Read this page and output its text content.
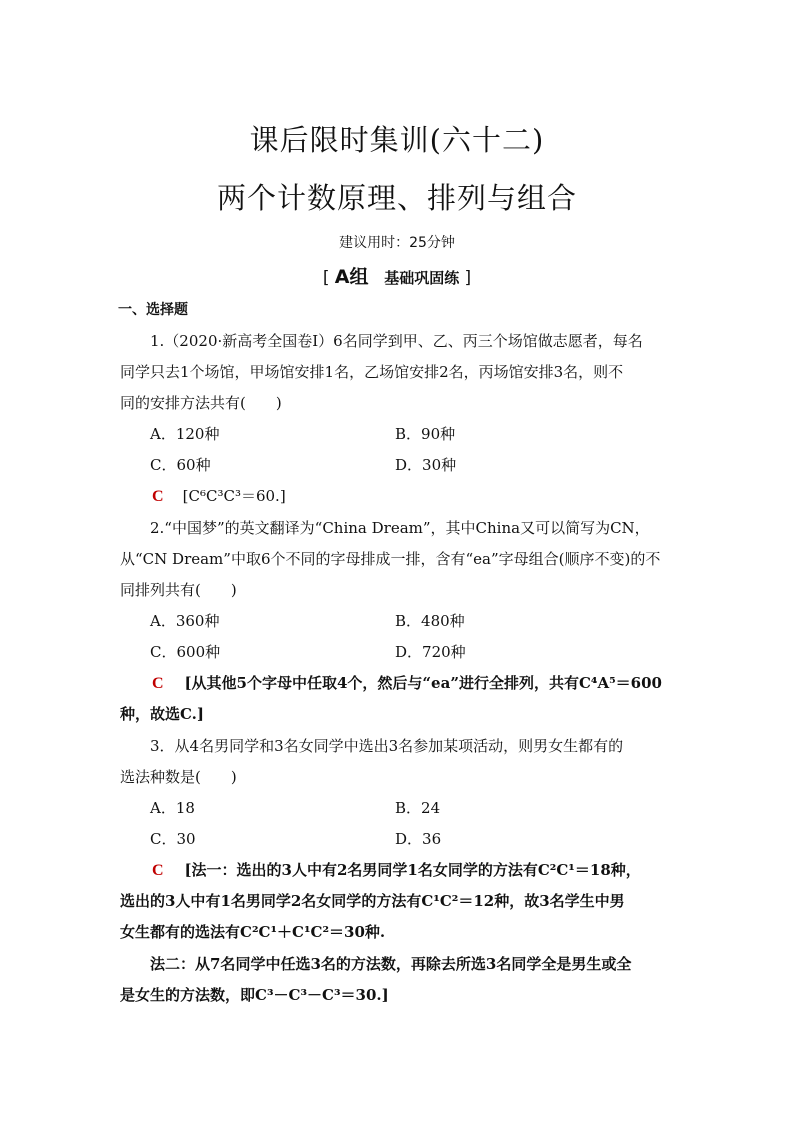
课后限时集训(六十二)
两个计数原理、排列与组合
建议用时：25分钟
[ A组 基础巩固练 ]
一、选择题
1.（2020·新高考全国卷Ⅰ）6名同学到甲、乙、丙三个场馆做志愿者，每名
同学只去1个场馆，甲场馆安排1名，乙场馆安排2名，丙场馆安排3名，则不
同的安排方法共有(　　)
A．120种	B．90种
C．60种	D．30种
C [C⁶C³C³＝60.]
2.“中国梦”的英文翻译为“China Dream”，其中China又可以简写为CN，
从“CN Dream”中取6个不同的字母排成一排，含有“ea”字母组合(顺序不变)的不
同排列共有(　　)
A．360种	B．480种
C．600种	D．720种
C [从其他5个字母中任取4个，然后与“ea”进行全排列，共有C⁴A⁵＝600
种，故选C.]
3．从4名男同学和3名女同学中选出3名参加某项活动，则男女生都有的
选法种数是(　　)
A．18	B．24
C．30	D．36
C [法一：选出的3人中有2名男同学1名女同学的方法有C²C¹＝18种，
选出的3人中有1名男同学2名女同学的方法有C¹C²＝12种，故3名学生中男
女生都有的选法有C²C¹＋C¹C²＝30种.
法二：从7名同学中任选3名的方法数，再除去所选3名同学全是男生或全
是女生的方法数，即C³－C³－C³＝30.]
